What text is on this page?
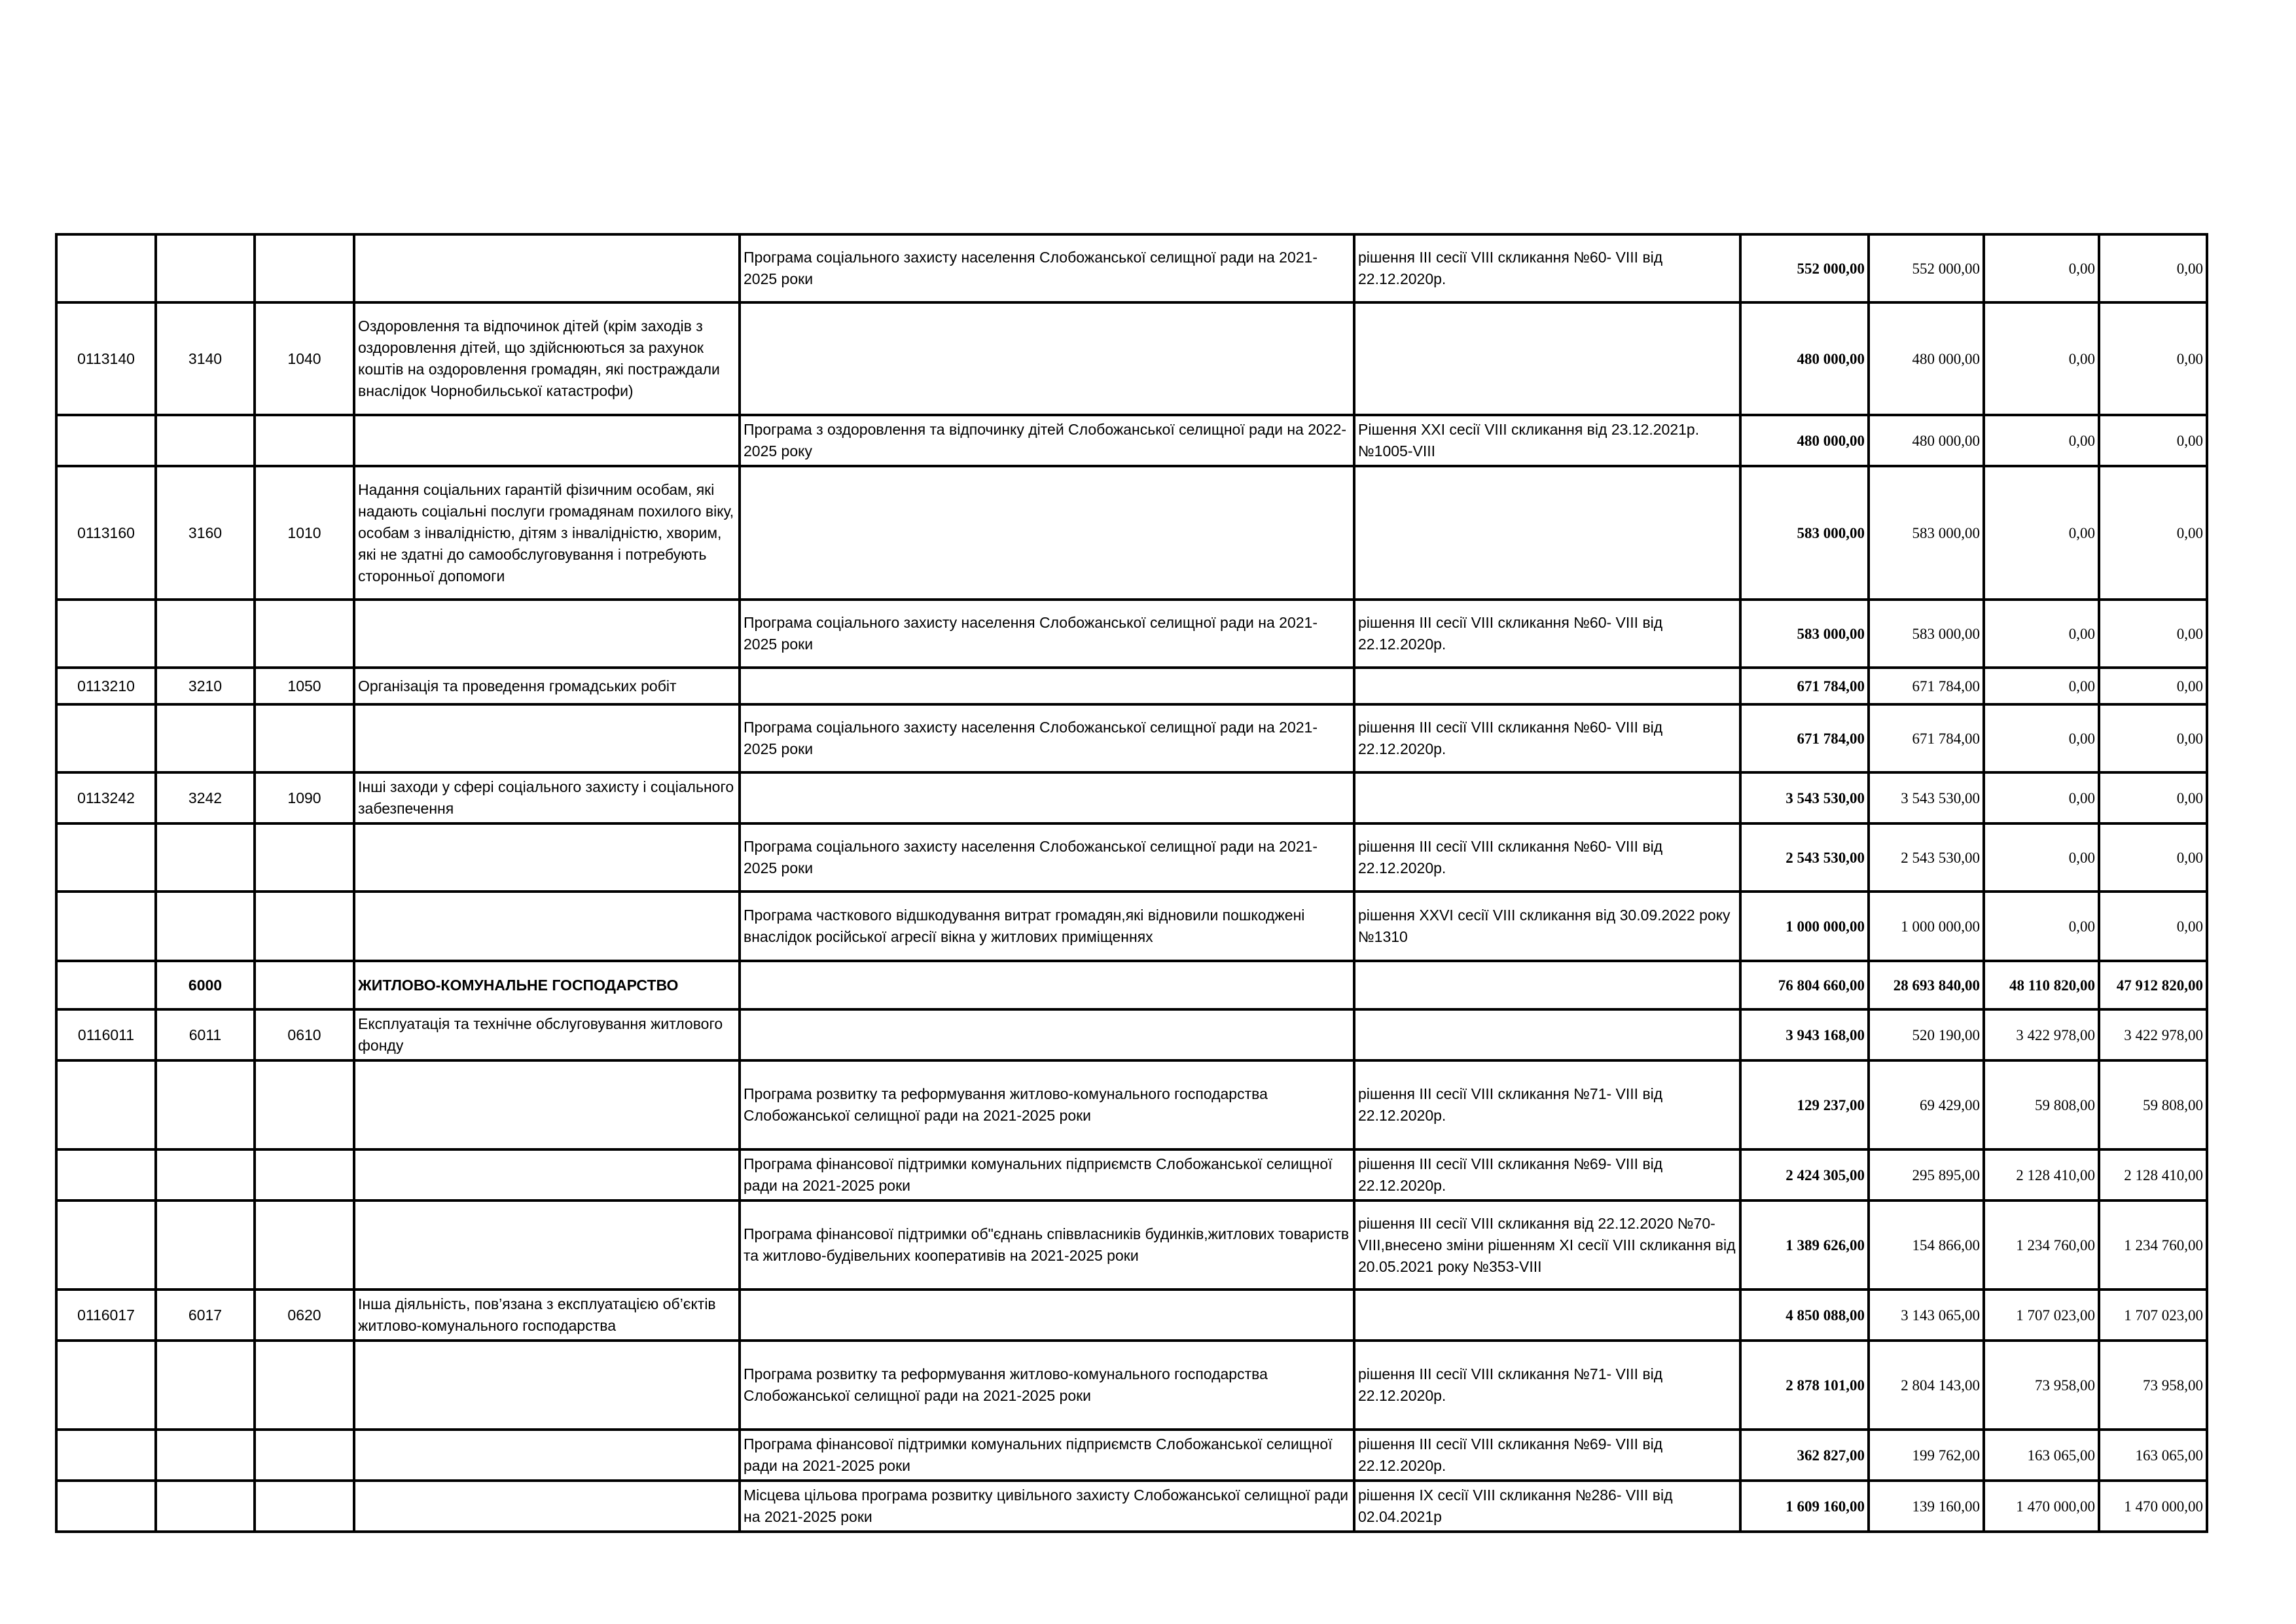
				Програма соціального захисту населення Слобожанської селищної ради на 2021-2025 роки	рішення ІІІ сесії VIII скликання №60- VIII від 22.12.2020р.	552 000,00	552 000,00	0,00	0,00
0113140	3140	1040	Оздоровлення та відпочинок дітей (крім заходів з оздоровлення дітей, що здійснюються за рахунок коштів на оздоровлення громадян, які постраждали внаслідок Чорнобильської катастрофи)			480 000,00	480 000,00	0,00	0,00
				Програма з оздоровлення та відпочинку дітей Слобожанської селищної ради на 2022-2025 року	Рішення XXI сесії VIII скликання від 23.12.2021р. №1005-VIII	480 000,00	480 000,00	0,00	0,00
0113160	3160	1010	Надання соціальних гарантій фізичним особам, які надають соціальні послуги громадянам похилого віку, особам з інвалідністю, дітям з інвалідністю, хворим, які не здатні до самообслуговування і потребують сторонньої допомоги			583 000,00	583 000,00	0,00	0,00
				Програма соціального захисту населення Слобожанської селищної ради на 2021-2025 роки	рішення ІІІ сесії VIII скликання №60- VIII від 22.12.2020р.	583 000,00	583 000,00	0,00	0,00
0113210	3210	1050	Організація та проведення громадських робіт			671 784,00	671 784,00	0,00	0,00
				Програма соціального захисту населення Слобожанської селищної ради на 2021-2025 роки	рішення ІІІ сесії VIII скликання №60- VIII від 22.12.2020р.	671 784,00	671 784,00	0,00	0,00
0113242	3242	1090	Інші заходи у сфері соціального захисту і соціального забезпечення			3 543 530,00	3 543 530,00	0,00	0,00
				Програма соціального захисту населення Слобожанської селищної ради на 2021-2025 роки	рішення ІІІ сесії VIII скликання №60- VIII від 22.12.2020р.	2 543 530,00	2 543 530,00	0,00	0,00
				Програма часткового відшкодування витрат громадян,які відновили пошкоджені внаслідок російської агресії вікна у житлових приміщеннях	рішення XXVI сесії VIII скликання від 30.09.2022 року №1310	1 000 000,00	1 000 000,00	0,00	0,00
	6000		ЖИТЛОВО-КОМУНАЛЬНЕ ГОСПОДАРСТВО			76 804 660,00	28 693 840,00	48 110 820,00	47 912 820,00
0116011	6011	0610	Експлуатація та технічне обслуговування житлового фонду			3 943 168,00	520 190,00	3 422 978,00	3 422 978,00
				Програма розвитку та реформування житлово-комунального господарства Слобожанської селищної ради на 2021-2025 роки	рішення ІІІ сесії VIII скликання №71- VIII від 22.12.2020р.	129 237,00	69 429,00	59 808,00	59 808,00
				Програма фінансової підтримки комунальних підприємств Слобожанської селищної ради на 2021-2025 роки	рішення ІІІ сесії VIII скликання №69- VIII від 22.12.2020р.	2 424 305,00	295 895,00	2 128 410,00	2 128 410,00
				Програма фінансової підтримки об"єднань співвласників будинків,житлових товариств та житлово-будівельних кооперативів на 2021-2025 роки	рішення ІІІ сесії VIII скликання від 22.12.2020 №70-VIII,внесено зміни рішенням XI сесії VIII скликання від 20.05.2021 року №353-VIII	1 389 626,00	154 866,00	1 234 760,00	1 234 760,00
0116017	6017	0620	Інша діяльність, пов’язана з експлуатацією об’єктів житлово-комунального господарства			4 850 088,00	3 143 065,00	1 707 023,00	1 707 023,00
				Програма розвитку та реформування житлово-комунального господарства Слобожанської селищної ради на 2021-2025 роки	рішення ІІІ сесії VIII скликання №71- VIII від 22.12.2020р.	2 878 101,00	2 804 143,00	73 958,00	73 958,00
				Програма фінансової підтримки комунальних підприємств Слобожанської селищної ради на 2021-2025 роки	рішення ІІІ сесії VIII скликання №69- VIII від 22.12.2020р.	362 827,00	199 762,00	163 065,00	163 065,00
				Місцева цільова програма розвитку цивільного захисту Слобожанської селищної ради на 2021-2025 роки	рішення ІХ сесії VIII скликання №286- VIII від 02.04.2021р	1 609 160,00	139 160,00	1 470 000,00	1 470 000,00
